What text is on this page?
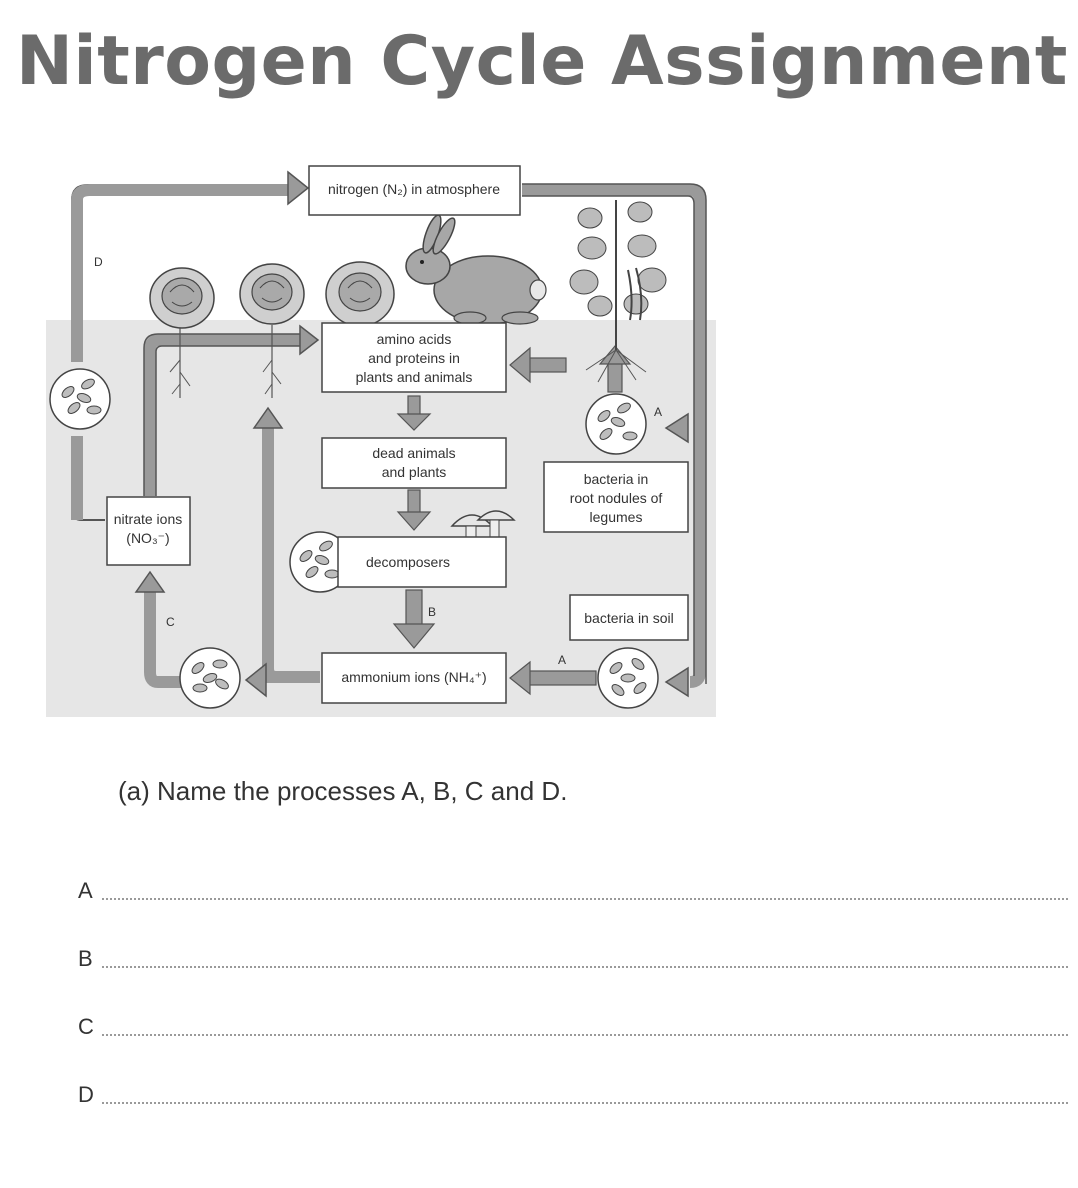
Nitrogen Cycle Assignment
nitrogen (N₂) in atmosphere
amino acids
and proteins in
plants and animals
dead animals
and plants
decomposers
ammonium ions (NH₄⁺)
nitrate ions
(NO₃⁻)
bacteria in
root nodules of
legumes
bacteria in soil
D
A
C
B
A
(a) Name the processes A, B, C and D.
A
B
C
D
